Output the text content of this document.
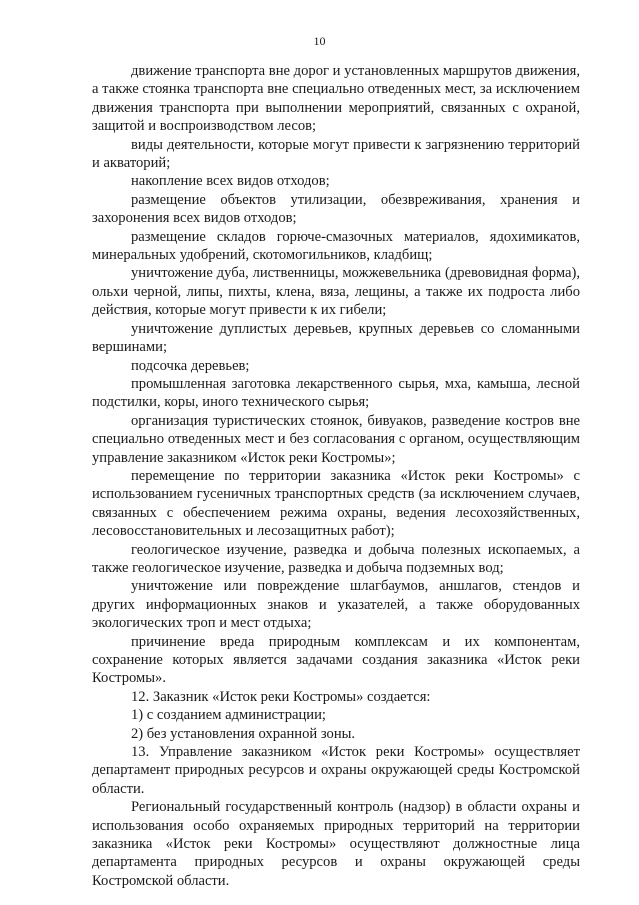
10

движение транспорта вне дорог и установленных маршрутов движения, а также стоянка транспорта вне специально отведенных мест, за исключением движения транспорта при выполнении мероприятий, связанных с охраной, защитой и воспроизводством лесов;

виды деятельности, которые могут привести к загрязнению территорий и акваторий;

накопление всех видов отходов;

размещение объектов утилизации, обезвреживания, хранения и захоронения всех видов отходов;

размещение складов горюче-смазочных материалов, ядохимикатов, минеральных удобрений, скотомогильников, кладбищ;

уничтожение дуба, лиственницы, можжевельника (древовидная форма), ольхи черной, липы, пихты, клена, вяза, лещины, а также их подроста либо действия, которые могут привести к их гибели;

уничтожение дуплистых деревьев, крупных деревьев со сломанными вершинами;

подсочка деревьев;

промышленная заготовка лекарственного сырья, мха, камыша, лесной подстилки, коры, иного технического сырья;

организация туристических стоянок, бивуаков, разведение костров вне специально отведенных мест и без согласования с органом, осуществляющим управление заказником «Исток реки Костромы»;

перемещение по территории заказника «Исток реки Костромы» с использованием гусеничных транспортных средств (за исключением случаев, связанных с обеспечением режима охраны, ведения лесохозяйственных, лесовосстановительных и лесозащитных работ);

геологическое изучение, разведка и добыча полезных ископаемых, а также геологическое изучение, разведка и добыча подземных вод;

уничтожение или повреждение шлагбаумов, аншлагов, стендов и других информационных знаков и указателей, а также оборудованных экологических троп и мест отдыха;

причинение вреда природным комплексам и их компонентам, сохранение которых является задачами создания заказника «Исток реки Костромы».

12. Заказник «Исток реки Костромы» создается:

1) с созданием администрации;

2) без установления охранной зоны.

13. Управление заказником «Исток реки Костромы» осуществляет департамент природных ресурсов и охраны окружающей среды Костромской области.

Региональный государственный контроль (надзор) в области охраны и использования особо охраняемых природных территорий на территории заказника «Исток реки Костромы» осуществляют должностные лица департамента природных ресурсов и охраны окружающей среды Костромской области.
